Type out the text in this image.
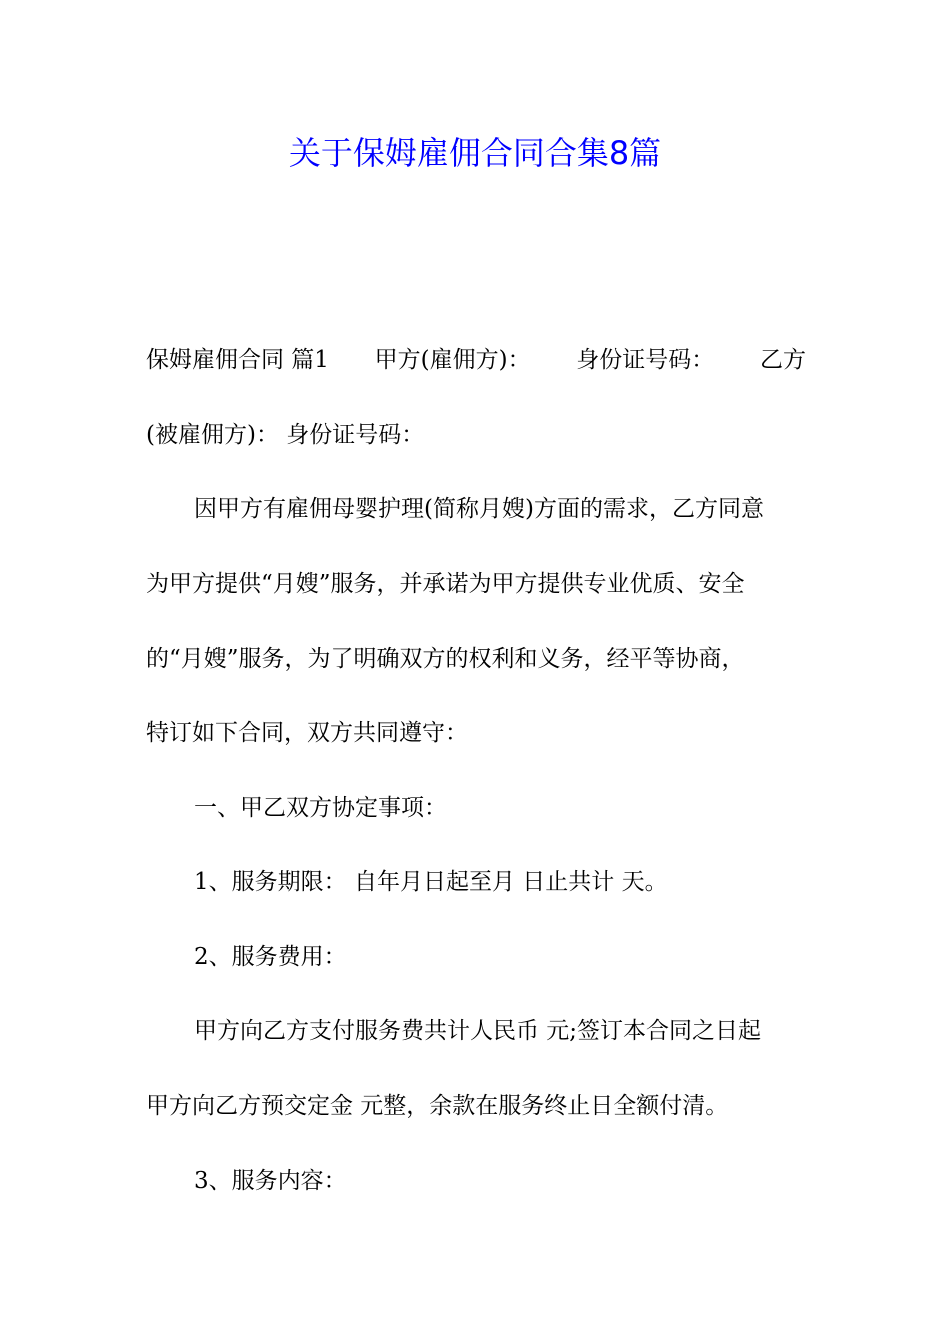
关于保姆雇佣合同合集8篇
保姆雇佣合同 篇1 甲方(雇佣方)： 身份证号码： 乙方

(被雇佣方)： 身份证号码：

因甲方有雇佣母婴护理(简称月嫂)方面的需求，乙方同意

为甲方提供“月嫂”服务，并承诺为甲方提供专业优质、安全

的“月嫂”服务，为了明确双方的权利和义务，经平等协商，

特订如下合同，双方共同遵守：

一、甲乙双方协定事项：

1、服务期限： 自年月日起至月 日止共计 天。

2、服务费用：

甲方向乙方支付服务费共计人民币 元;签订本合同之日起

甲方向乙方预交定金 元整，余款在服务终止日全额付清。

3、服务内容：
